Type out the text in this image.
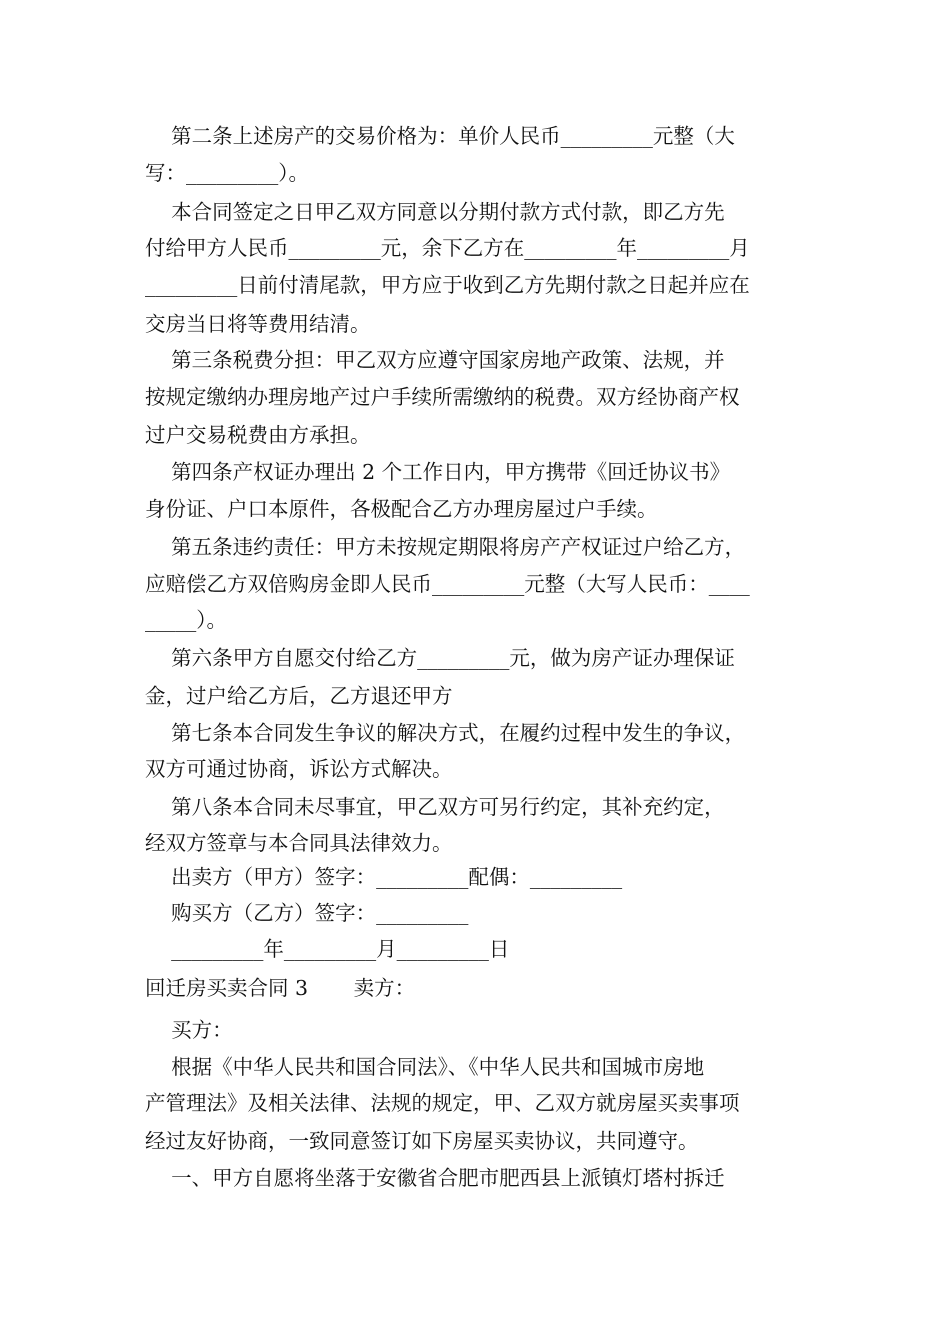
第二条上述房产的交易价格为：单价人民币_________元整（大
写：_________）。
本合同签定之日甲乙双方同意以分期付款方式付款，即乙方先
付给甲方人民币_________元，余下乙方在_________年_________月
_________日前付清尾款，甲方应于收到乙方先期付款之日起并应在
交房当日将等费用结清。
第三条税费分担：甲乙双方应遵守国家房地产政策、法规，并
按规定缴纳办理房地产过户手续所需缴纳的税费。双方经协商产权
过户交易税费由方承担。
第四条产权证办理出 2 个工作日内，甲方携带《回迁协议书》
身份证、户口本原件，各极配合乙方办理房屋过户手续。
第五条违约责任：甲方未按规定期限将房产产权证过户给乙方，
应赔偿乙方双倍购房金即人民币_________元整（大写人民币：____
_____）。
第六条甲方自愿交付给乙方_________元，做为房产证办理保证
金，过户给乙方后，乙方退还甲方
第七条本合同发生争议的解决方式，在履约过程中发生的争议，
双方可通过协商，诉讼方式解决。
第八条本合同未尽事宜，甲乙双方可另行约定，其补充约定，
经双方签章与本合同具法律效力。
出卖方（甲方）签字：_________配偶：_________
购买方（乙方）签字：_________
_________年_________月_________日
回迁房买卖合同 3       卖方：
买方：
根据《中华人民共和国合同法》、《中华人民共和国城市房地
产管理法》及相关法律、法规的规定，甲、乙双方就房屋买卖事项
经过友好协商，一致同意签订如下房屋买卖协议，共同遵守。
一、甲方自愿将坐落于安徽省合肥市肥西县上派镇灯塔村拆迁
